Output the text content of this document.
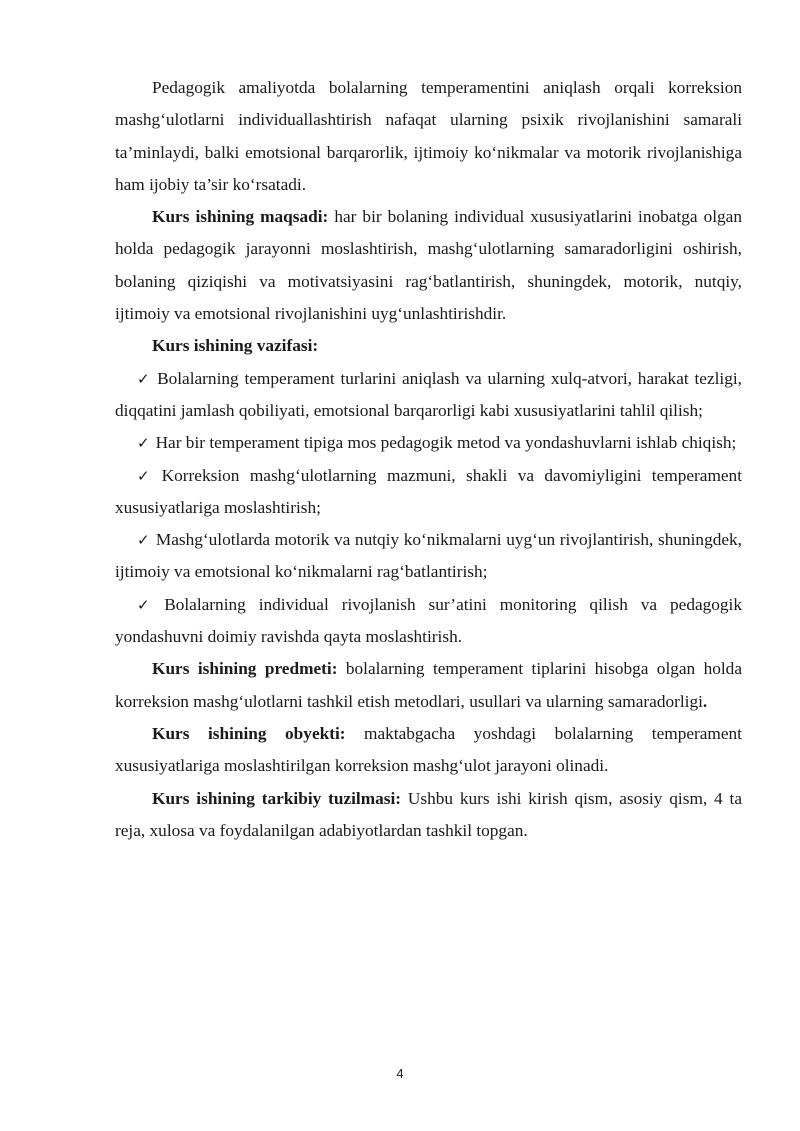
Pedagogik amaliyotda bolalarning temperamentini aniqlash orqali korreksion mashg‘ulotlarni individuallashtirish nafaqat ularning psixik rivojlanishini samarali ta’minlaydi, balki emotsional barqarorlik, ijtimoiy ko‘nikmalar va motorik rivojlanishiga ham ijobiy ta’sir ko‘rsatadi.

Kurs ishining maqsadi: har bir bolaning individual xususiyatlarini inobatga olgan holda pedagogik jarayonni moslashtirish, mashg‘ulotlarning samaradorligini oshirish, bolaning qiziqishi va motivatsiyasini rag‘batlantirish, shuningdek, motorik, nutqiy, ijtimoiy va emotsional rivojlanishini uyg‘unlashtirishdir.

Kurs ishining vazifasi:

✓ Bolalarning temperament turlarini aniqlash va ularning xulq-atvori, harakat tezligi, diqqatini jamlash qobiliyati, emotsional barqarorligi kabi xususiyatlarini tahlil qilish;

✓ Har bir temperament tipiga mos pedagogik metod va yondashuvlarni ishlab chiqish;

✓ Korreksion mashg‘ulotlarning mazmuni, shakli va davomiyligini temperament xususiyatlariga moslashtirish;

✓ Mashg‘ulotlarda motorik va nutqiy ko‘nikmalarni uyg‘un rivojlantirish, shuningdek, ijtimoiy va emotsional ko‘nikmalarni rag‘batlantirish;

✓ Bolalarning individual rivojlanish sur’atini monitoring qilish va pedagogik yondashuvni doimiy ravishda qayta moslashtirish.

Kurs ishining predmeti: bolalarning temperament tiplarini hisobga olgan holda korreksion mashg‘ulotlarni tashkil etish metodlari, usullari va ularning samaradorligi.

Kurs ishining obyekti: maktabgacha yoshdagi bolalarning temperament xususiyatlariga moslashtirilgan korreksion mashg‘ulot jarayoni olinadi.

Kurs ishining tarkibiy tuzilmasi: Ushbu kurs ishi kirish qism, asosiy qism, 4 ta reja, xulosa va foydalanilgan adabiyotlardan tashkil topgan.

4
